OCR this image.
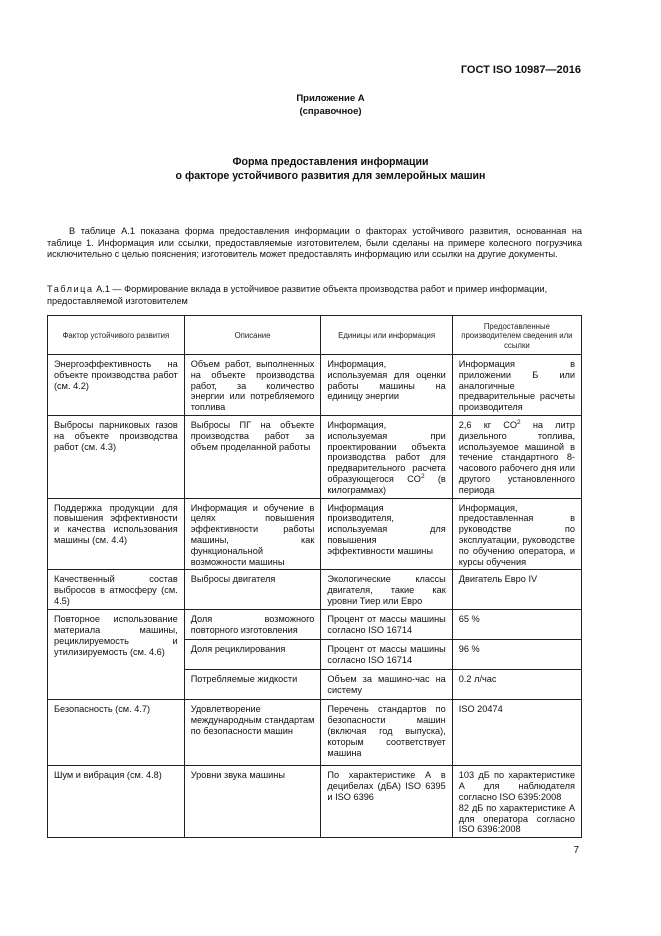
ГОСТ ISO 10987—2016
Приложение А
(справочное)
Форма предоставления информации
о факторе устойчивого развития для землеройных машин

В таблице А.1 показана форма предоставления информации о факторах устойчивого развития, основанная на таблице 1. Информация или ссылки, предоставляемые изготовителем, были сделаны на примере колесного погрузчика исключительно с целью пояснения; изготовитель может предоставлять информацию или ссылки на другие документы.

Таблица А.1 — Формирование вклада в устойчивое развитие объекта производства работ и пример информации, предоставляемой изготовителем
Фактор устойчивого развития	Описание	Единицы или информация	Предоставленные производителем сведения или ссылки
Энергоэффективность на объекте производства работ (см. 4.2)	Объем работ, выполненных на объекте производства работ, за количество энергии или потребляемого топлива	Информация, используемая для оценки работы машины на единицу энергии	Информация в приложении Б или аналогичные предварительные расчеты производителя
Выбросы парниковых газов на объекте производства работ (см. 4.3)	Выбросы ПГ на объекте производства работ за объем проделанной работы	Информация, используемая при проектировании объекта производства работ для предварительного расчета образующегося $CO^2$ (в килограммах)	2,6 кг $CO^2$ на литр дизельного топлива, используемое машиной в течение стандартного 8-часового рабочего дня или другого установленного периода
Поддержка продукции для повышения эффективности и качества использования машины (см. 4.4)	Информация и обучение в целях повышения эффективности работы машины, как функциональной возможности машины	Информация производителя, используемая для повышения эффективности машины	Информация, предоставленная в руководстве по эксплуатации, руководстве по обучению оператора, и курсы обучения
Качественный состав выбросов в атмосферу (см. 4.5)	Выбросы двигателя	Экологические классы двигателя, такие как уровни Тиер или Евро	Двигатель Евро IV
Повторное использование материала машины, рециклируемость и утилизируемость (см. 4.6)	Доля возможного повторного изготовления	Процент от массы машины согласно ISO 16714	65 %
	Доля рециклирования	Процент от массы машины согласно ISO 16714	96 %
	Потребляемые жидкости	Объем за машино-час на систему	0.2 л/час
Безопасность (см. 4.7)	Удовлетворение международным стандартам по безопасности машин	Перечень стандартов по безопасности машин (включая год выпуска), которым соответствует машина	ISO 20474
Шум и вибрация (см. 4.8)	Уровни звука машины	По характеристике А в децибелах (дБА) ISO 6395 и ISO 6396	103 дБ по характеристике А для наблюдателя согласно ISO 6395:2008
82 дБ по характеристике А для оператора согласно ISO 6396:2008
7
